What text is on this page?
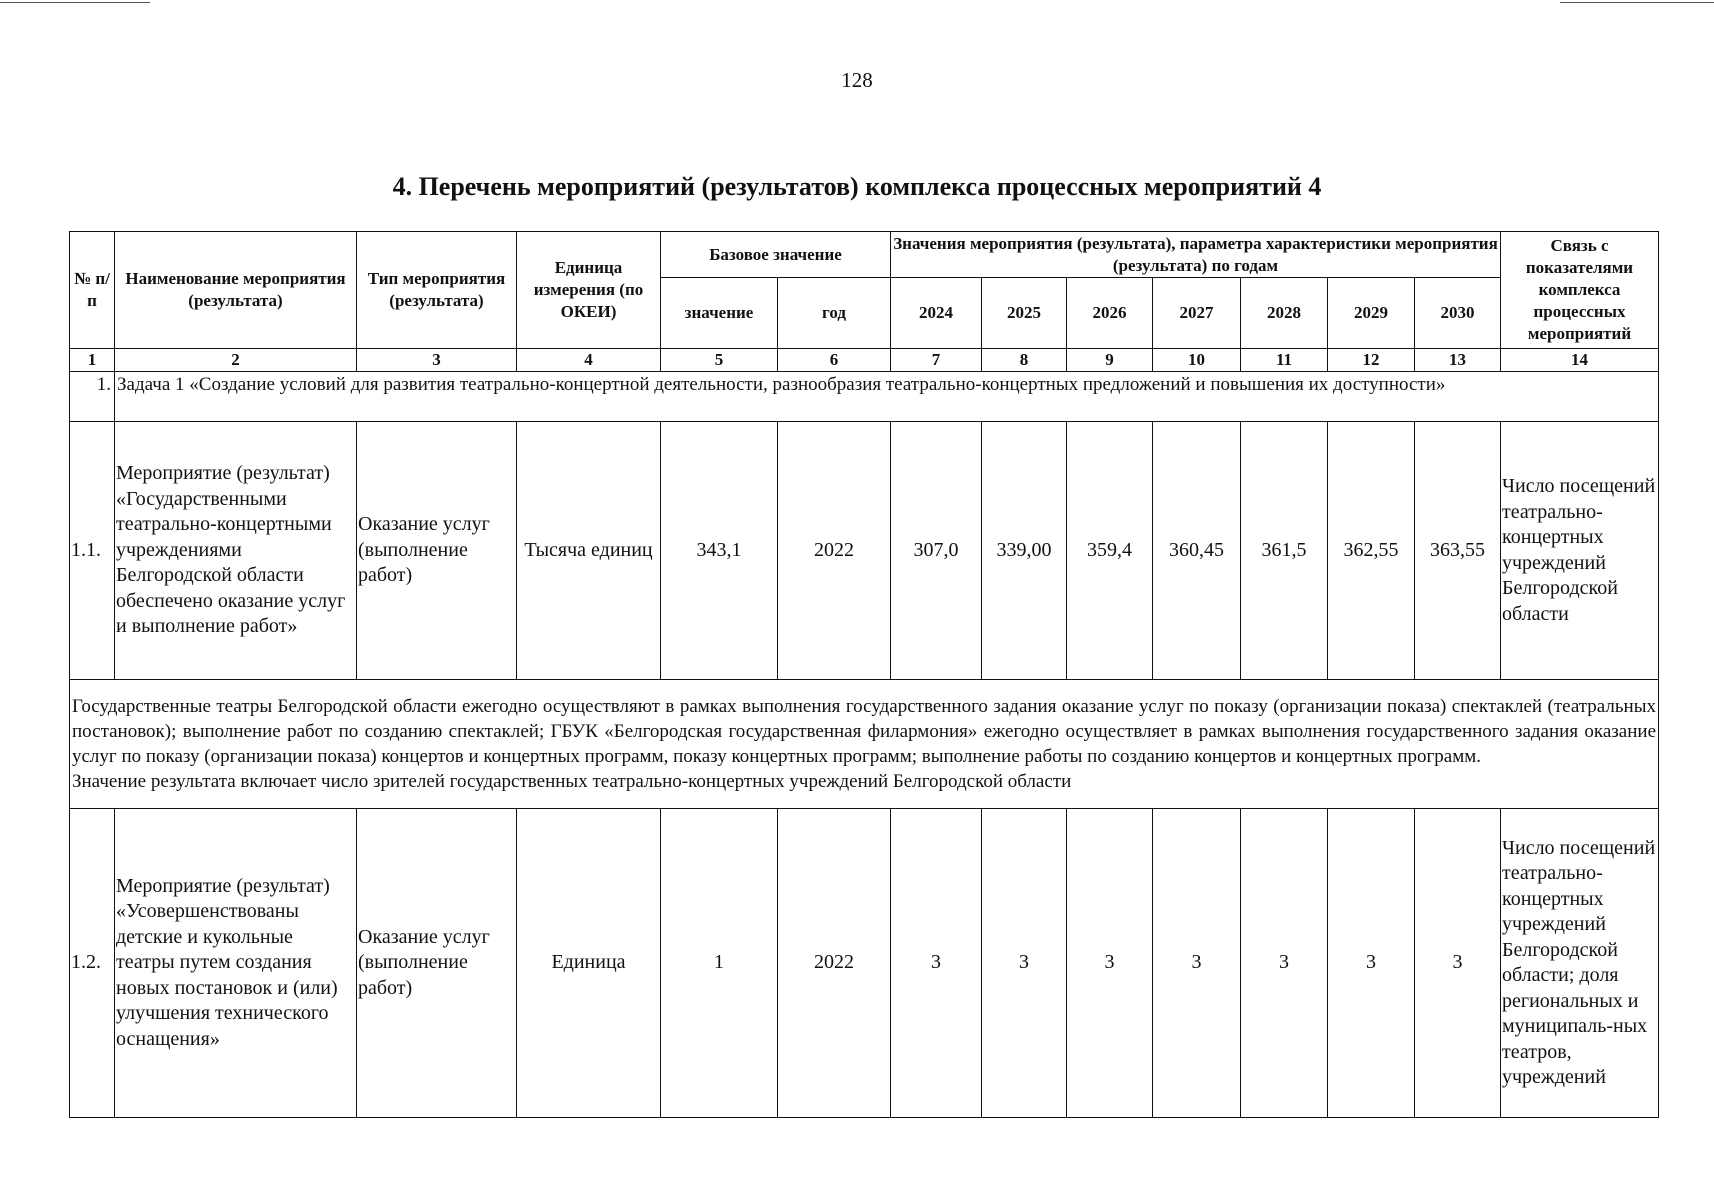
128
4. Перечень мероприятий (результатов) комплекса процессных мероприятий 4
№ п/п	Наименование мероприятия (результата)	Тип мероприятия (результата)	Единица измерения (по ОКЕИ)	Базовое значение		Значения мероприятия (результата), параметра характеристики мероприятия (результата) по годам							Связь с показателями комплекса процессных мероприятий
				значение	год	2024	2025	2026	2027	2028	2029	2030	
1	2	3	4	5	6	7	8	9	10	11	12	13	14
1.	Задача 1 «Создание условий для развития театрально-концертной деятельности, разнообразия театрально-концертных предложений и повышения их доступности»												
1.1.	Мероприятие (результат) «Государственными театрально-концертными учреждениями Белгородской области обеспечено оказание услуг и выполнение работ»	Оказание услуг (выполнение работ)	Тысяча единиц	343,1	2022	307,0	339,00	359,4	360,45	361,5	362,55	363,55	Число посещений театрально-концертных учреждений Белгородской области

Государственные театры Белгородской области ежегодно осуществляют в рамках выполнения государственного задания оказание услуг по показу (организации показа) спектаклей (театральных постановок); выполнение работ по созданию спектаклей; ГБУК «Белгородская государственная филармония» ежегодно осуществляет в рамках выполнения государственного задания оказание услуг по показу (организации показа) концертов и концертных программ, показу концертных программ; выполнение работы по созданию концертов и концертных программ.

Значение результата включает число зрителей государственных театрально-концертных учреждений Белгородской области													

1.2.	Мероприятие (результат) «Усовершенствованы детские и кукольные театры путем создания новых постановок и (или) улучшения технического оснащения»	Оказание услуг (выполнение работ)	Единица	1	2022	3	3	3	3	3	3	3	Число посещений театрально-концертных учреждений Белгородской области; доля региональных и муниципаль-ных театров, учреждений
